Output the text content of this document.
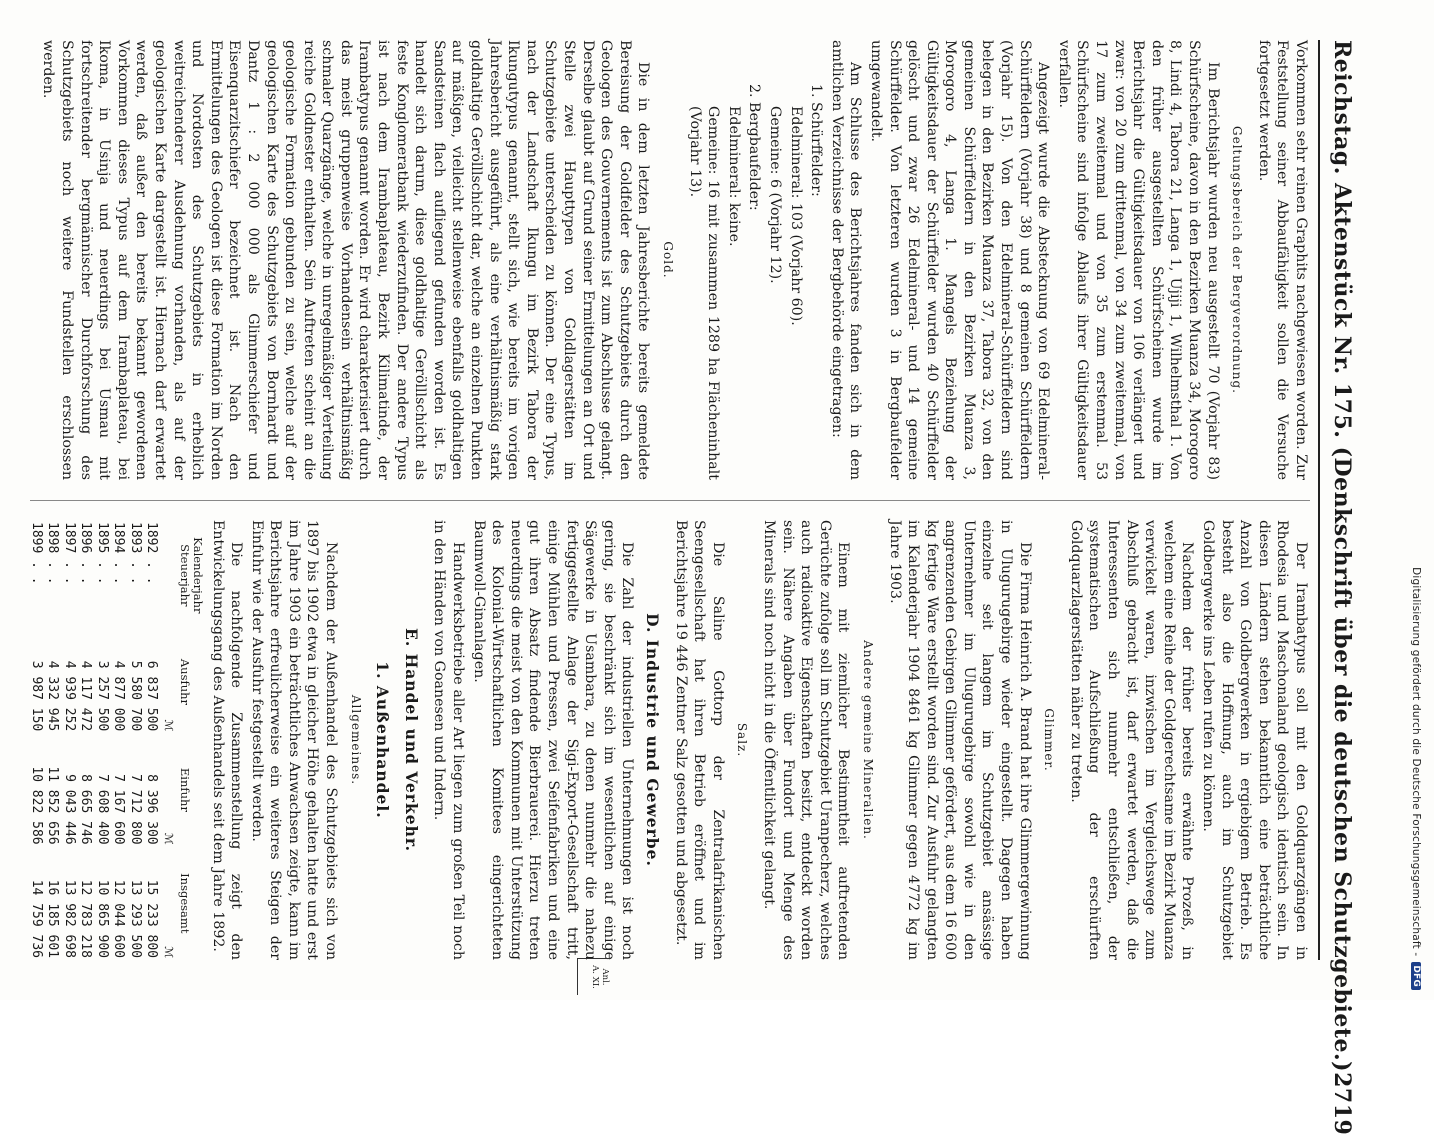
Digitalisierung gefördert durch die Deutsche Forschungsgemeinschaft -
DFG
Reichstag. Aktenstück Nr. 175. (Denkschrift über die deutschen Schutzgebiete.)
2719

Vorkommen sehr reinen Graphits nachgewiesen worden. Zur Feststellung seiner Abbaufähigkeit sollen die Versuche fortgesetzt werden.

Geltungsbereich der Bergverordnung.

Im Berichtsjahr wurden neu ausgestellt 70 (Vorjahr 83) Schürfscheine, davon in den Bezirken Muanza 34, Morogoro 8, Lindi 4, Tabora 21, Langa 1, Ujiji 1, Wilhelmsthal 1. Von den früher ausgestellten Schürfscheinen wurde im Berichtsjahr die Gültigkeitsdauer von 106 verlängert und zwar: von 20 zum drittenmal, von 34 zum zweitenmal, von 17 zum zweitenmal und von 35 zum erstenmal. 53 Schürfscheine sind infolge Ablaufs ihrer Gültigkeitsdauer verfallen.

Angezeigt wurde die Abstecknung von 69 Edelmineral-Schürffeldern (Vorjahr 38) und 8 gemeinen Schürffeldern (Vorjahr 15). Von den Edelmineral-Schürffeldern sind belegen in den Bezirken Muanza 37, Tabora 32, von den gemeinen Schürffeldern in den Bezirken Muanza 3, Morogoro 4, Langa 1. Mangels Beziehung der Gültigkeitsdauer der Schürffelder wurden 40 Schürffelder gelöscht und zwar 26 Edelmineral- und 14 gemeine Schürffelder. Von letzteren wurden 3 in Bergbaufelder umgewandelt.

Am Schlusse des Berichtsjahres fanden sich in dem amtlichen Verzeichnisse der Bergbehörde eingetragen:

1. Schürffelder:
Edelmineral: 103 (Vorjahr 60).
Gemeine: 6 (Vorjahr 12).
2. Bergbaufelder:
Edelmineral: keine.
Gemeine: 16 mit zusammen 1289 ha Flächeninhalt (Vorjahr 13).
Gold.

Die in dem letzten Jahresberichte bereits gemeldete Bereisung der Goldfelder des Schutzgebiets durch den Geologen des Gouvernements ist zum Abschlusse gelangt. Derselbe glaubt auf Grund seiner Ermittelungen an Ort und Stelle zwei Haupttypen von Goldlagerstätten im Schutzgebiete unterscheiden zu können. Der eine Typus, nach der Landschaft Ikungu im Bezirk Tabora der Ikungutypus genannt, stellt sich, wie bereits im vorigen Jahresbericht ausgeführt, als eine verhältnismäßig stark goldhaltige Gerölllschicht dar, welche an einzelnen Punkten auf mäßigen, vielleicht stellenweise ebenfalls goldhaltigen Sandsteinen flach aufliegend gefunden worden ist. Es handelt sich darum, diese goldhaltige Gerölllschicht als feste Konglomeratbank wiederzufinden. Der andere Typus ist nach dem Irambaplateau, Bezirk Kilimatinde, der Irambatypus genannt worden. Er wird charakterisiert durch das meist gruppenweise Vorhandensein verhältnismäßig schmaler Quarzgänge, welche in unregelmäßiger Verteilung reiche Goldnester enthalten. Sein Auftreten scheint an die geologische Formation gebunden zu sein, welche auf der geologischen Karte des Schutzgebiets von Bornhardt und Dantz 1 : 2 000 000 als Glimmerschiefer und Eisenquarzitschiefer bezeichnet ist. Nach den Ermittelungen des Geologen ist diese Formation im Norden und Nordosten des Schutzgebiets in erheblich weitreichenderer Ausdehnung vorhanden, als auf der geologischen Karte dargestellt ist. Hiernach darf erwartet werden, daß außer den bereits bekannt gewordenen Vorkommen dieses Typus auf dem Irambaplateau, bei Ikoma, in Usinja und neuerdings bei Usmau mit fortschreitender bergmännischer Durchforschung des Schutzgebiets noch weitere Fundstellen erschlossen werden.

Der Irambatypus soll mit den Goldquarzgängen in Rhodesia und Maschonaland geologisch identisch sein. In diesen Ländern stehen bekanntlich eine beträchtliche Anzahl von Goldbergwerken in ergiebigem Betrieb. Es besteht also die Hoffnung, auch im Schutzgebiet Goldbergwerke ins Leben rufen zu können.

Nachdem der früher bereits erwähnte Prozeß, in welchem eine Reihe der Goldgerechtsame im Bezirk Muanza verwickelt waren, inzwischen im Vergleichswege zum Abschluß gebracht ist, darf erwartet werden, daß die Interessenten sich nunmehr entschließen, der systematischen Aufschließung der erschürften Goldquarzlagerstätten näher zu treten.

Glimmer.

Die Firma Heinrich A. Brand hat ihre Glimmergewinnung in Ulugurugebirge wieder eingestellt. Dagegen haben einzelne seit langem im Schutzgebiet ansässige Unternehmer im Ulugurugebirge sowohl wie in den angrenzenden Gebirgen Glimmer gefördert, aus dem 16 600 kg fertige Ware erstellt worden sind. Zur Ausfuhr gelangten im Kalenderjahr 1904 8461 kg Glimmer gegen 4772 kg im Jahre 1903.

Andere gemeine Mineralien.

Einem mit ziemlicher Bestimmtheit auftretenden Gerüchte zufolge soll im Schutzgebiet Uranpecherz, welches auch radioaktive Eigenschaften besitzt, entdeckt worden sein. Nähere Angaben über Fundort und Menge des Minerals sind noch nicht in die Öffentlichkeit gelangt.

Salz.

Die Saline Gottorp der Zentralafrikanischen Seengesellschaft hat ihren Betrieb eröffnet und im Berichtsjahre 19 446 Zentner Salz gesotten und abgesetzt.

D. Industrie und Gewerbe.

Die Zahl der industriellen Unternehmungen ist noch gering, sie beschränkt sich im wesentlichen auf einige Sägewerke in Usambara, zu denen nunmehr die nahezu fertiggestellte Anlage der Sigi-Export-Gesellschaft tritt, einige Mühlen und Pressen, zwei Seifenfabriken und eine gut ihren Absatz findende Bierbrauerei. Hierzu treten neuerdings die meist von den Kommunen mit Unterstützung des Kolonial-Wirtschaftlichen Komitees eingerichteten Baumwoll-Ginanlagen.

Handwerksbetriebe aller Art liegen zum großen Teil noch in den Händen von Goanesen und Indern.

E. Handel und Verkehr.
1. Außenhandel.
Allgemeines.

Nachdem der Außenhandel des Schutzgebiets sich von 1897 bis 1902 etwa in gleicher Höhe gehalten hatte und erst im Jahre 1903 ein beträchtliches Anwachsen zeigte, kann im Berichtsjahre erfreulicherweise ein weiteres Steigen der Einfuhr wie der Ausfuhr festgestellt werden.

Die nachfolgende Zusammenstellung zeigt den Entwickelungsgang des Außenhandels seit dem Jahre 1892.

Kalenderjahr
Steuerjahr	Ausfuhr	Einfuhr	Insgesamt
	ℳ	ℳ	ℳ
1892 . .	6 837 500	8 396 300	15 233 800
1893 . .	5 580 700	7 712 800	13 293 500
1894 . .	4 877 000	7 167 600	12 044 600
1895 . .	3 257 500	7 608 400	10 865 900
1896 . .	4 117 472	8 665 746	12 783 218
1897 . .	4 939 252	9 043 446	13 982 698
1898 . .	4 332 945	11 852 656	16 185 601
1899 . .	3 987 150	10 822 586	14 759 736
Anl.
A. XI.
